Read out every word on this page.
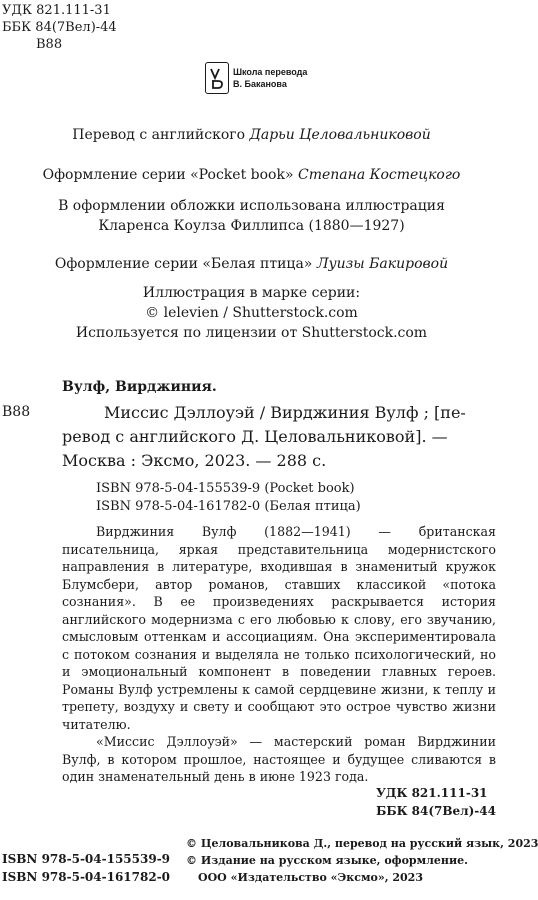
УДК 821.111-31
ББК 84(7Вел)-44
В88
Школа перевода
В. Баканова
Перевод с английского Дарьи Целовальниковой
Оформление серии «Pocket book» Степана Костецкого
В оформлении обложки использована иллюстрация
Кларенса Коулза Филлипса (1880—1927)
Оформление серии «Белая птица» Луизы Бакировой
Иллюстрация в марке серии:
© lelevien / Shutterstock.com
Используется по лицензии от Shutterstock.com
Вулф, Вирджиния.
В88	Миссис Дэллоуэй / Вирджиния Вулф ; [пе-
ревод с английского Д. Целовальниковой]. —
Москва : Эксмо, 2023. — 288 с.
ISBN 978-5-04-155539-9 (Pocket book)
ISBN 978-5-04-161782-0 (Белая птица)

Вирджиния Вулф (1882—1941) — британская писательница, яркая представительница модернистского направления в литературе, входившая в знаменитый кружок Блумсбери, автор романов, ставших классикой «потока сознания». В ее произведениях раскрывается история английского модернизма с его любовью к слову, его звучанию, смысловым оттенкам и ассоциациям. Она экспериментировала с потоком сознания и выделяла не только психологический, но и эмоциональный компонент в поведении главных героев. Романы Вулф устремлены к самой сердцевине жизни, к теплу и трепету, воздуху и свету и сообщают это острое чувство жизни читателю.

«Миссис Дэллоуэй» — мастерский роман Вирджинии Вулф, в котором прошлое, настоящее и будущее сливаются в один знаменательный день в июне 1923 года.

УДК 821.111-31
ББК 84(7Вел)-44
© Целовальникова Д., перевод на русский язык, 2023
© Издание на русском языке, оформление.
ООО «Издательство «Эксмо», 2023
ISBN 978-5-04-155539-9
ISBN 978-5-04-161782-0
